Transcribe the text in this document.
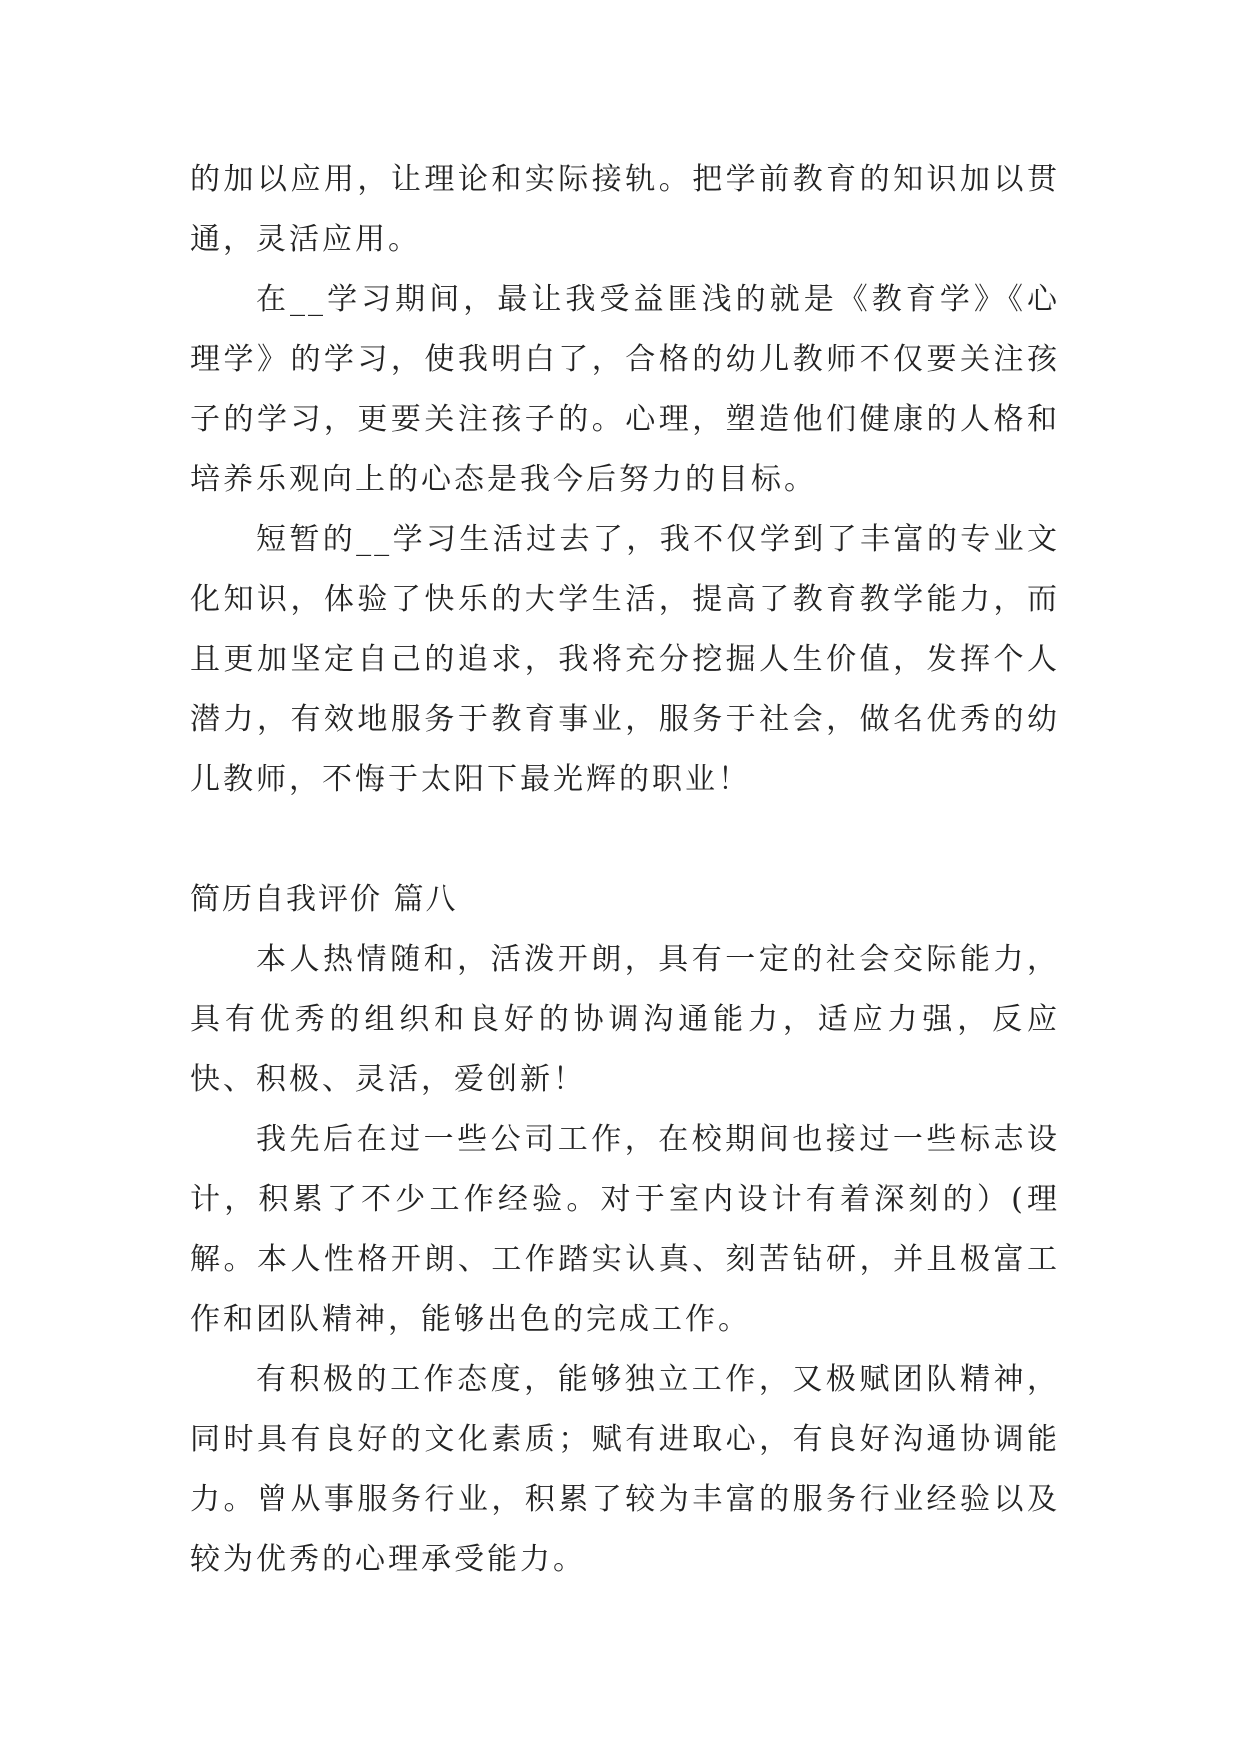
的加以应用，让理论和实际接轨。把学前教育的知识加以贯通，灵活应用。

在__学习期间，最让我受益匪浅的就是《教育学》《心理学》的学习，使我明白了，合格的幼儿教师不仅要关注孩子的学习，更要关注孩子的。心理，塑造他们健康的人格和培养乐观向上的心态是我今后努力的目标。

短暂的__学习生活过去了，我不仅学到了丰富的专业文化知识，体验了快乐的大学生活，提高了教育教学能力，而且更加坚定自己的追求，我将充分挖掘人生价值，发挥个人潜力，有效地服务于教育事业，服务于社会，做名优秀的幼儿教师，不悔于太阳下最光辉的职业！

简历自我评价 篇八

本人热情随和，活泼开朗，具有一定的社会交际能力，具有优秀的组织和良好的协调沟通能力，适应力强，反应快、积极、灵活，爱创新！

我先后在过一些公司工作，在校期间也接过一些标志设计，积累了不少工作经验。对于室内设计有着深刻的）(理解。本人性格开朗、工作踏实认真、刻苦钻研，并且极富工作和团队精神，能够出色的完成工作。

有积极的工作态度，能够独立工作，又极赋团队精神，同时具有良好的文化素质；赋有进取心，有良好沟通协调能力。曾从事服务行业，积累了较为丰富的服务行业经验以及较为优秀的心理承受能力。
